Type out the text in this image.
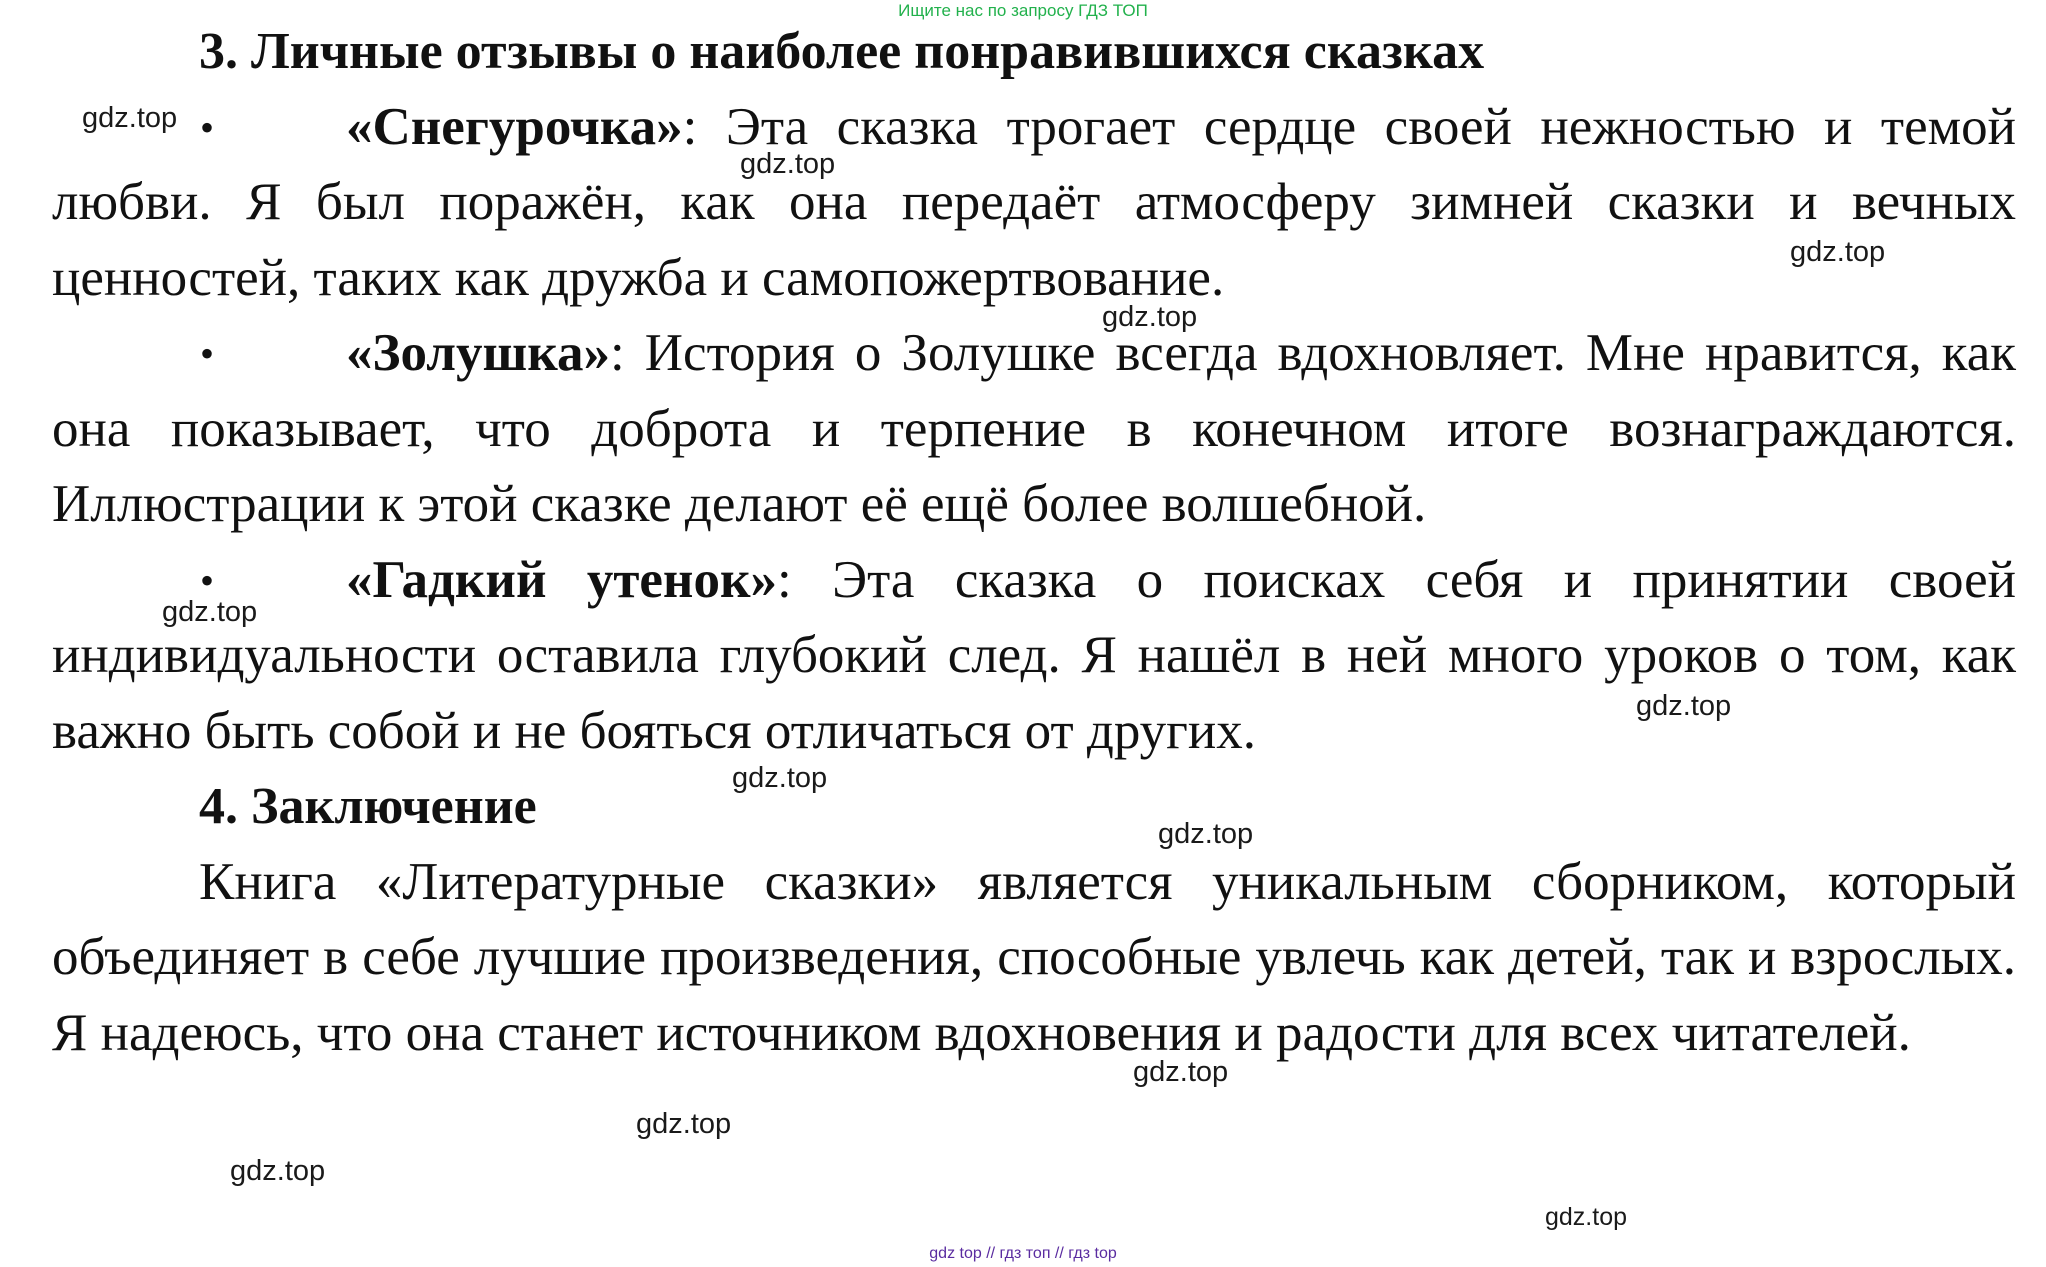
Ищите нас по запросу ГДЗ ТОП

3. Личные отзывы о наиболее понравившихся сказках

• «Снегурочка»: Эта сказка трогает сердце своей нежностью и темой любви. Я был поражён, как она передаёт атмосферу зимней сказки и вечных ценностей, таких как дружба и самопожертвование.

• «Золушка»: История о Золушке всегда вдохновляет. Мне нравится, как она показывает, что доброта и терпение в конечном итоге вознаграждаются. Иллюстрации к этой сказке делают её ещё более волшебной.

• «Гадкий утенок»: Эта сказка о поисках себя и принятии своей индивидуальности оставила глубокий след. Я нашёл в ней много уроков о том, как важно быть собой и не бояться отличаться от других.

4. Заключение

Книга «Литературные сказки» является уникальным сборником, который объединяет в себе лучшие произведения, способные увлечь как детей, так и взрослых. Я надеюсь, что она станет источником вдохновения и радости для всех читателей.

gdz.top
gdz.top
gdz.top
gdz.top
gdz.top
gdz.top
gdz.top
gdz.top
gdz.top
gdz.top
gdz.top
gdz.top
gdz top // гдз топ // гдз top
